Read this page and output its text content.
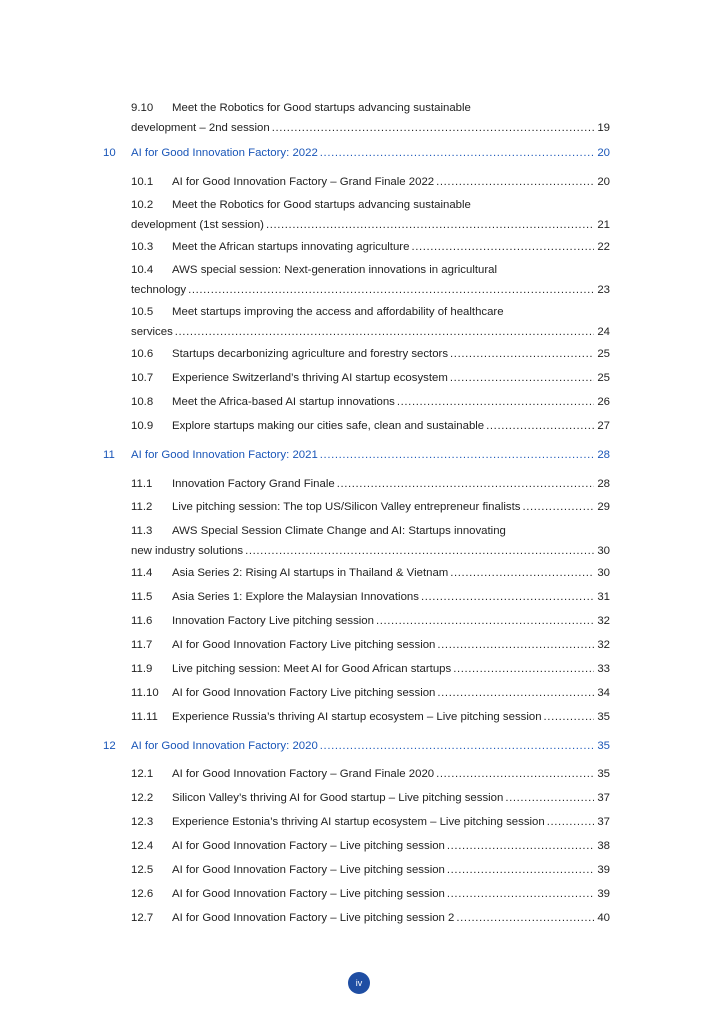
9.10	Meet the Robotics for Good startups advancing sustainable
development – 2nd session .....	19
10	AI for Good Innovation Factory: 2022 .....	20
10.1	AI for Good Innovation Factory – Grand Finale 2022 .....	20
10.2	Meet the Robotics for Good startups advancing sustainable
development (1st session) .....	21
10.3	Meet the African startups innovating agriculture .....	22
10.4	AWS special session: Next-generation innovations in agricultural
technology .....	23
10.5	Meet startups improving the access and affordability of healthcare
services .....	24
10.6	Startups decarbonizing agriculture and forestry sectors .....	25
10.7	Experience Switzerland’s thriving AI startup ecosystem .....	25
10.8	Meet the Africa-based AI startup innovations .....	26
10.9	Explore startups making our cities safe, clean and sustainable .....	27
11	AI for Good Innovation Factory: 2021 .....	28
11.1	Innovation Factory Grand Finale .....	28
11.2	Live pitching session: The top US/Silicon Valley entrepreneur finalists .....	29
11.3	AWS Special Session Climate Change and AI: Startups innovating
new industry solutions .....	30
11.4	Asia Series 2: Rising AI startups in Thailand & Vietnam .....	30
11.5	Asia Series 1: Explore the Malaysian Innovations .....	31
11.6	Innovation Factory Live pitching session .....	32
11.7	AI for Good Innovation Factory Live pitching session .....	32
11.9	Live pitching session: Meet AI for Good African startups .....	33
11.10	AI for Good Innovation Factory Live pitching session .....	34
11.11	Experience Russia’s thriving AI startup ecosystem – Live pitching session .....	35
12	AI for Good Innovation Factory: 2020 .....	35
12.1	AI for Good Innovation Factory – Grand Finale 2020 .....	35
12.2	Silicon Valley’s thriving AI for Good startup – Live pitching session .....	37
12.3	Experience Estonia’s thriving AI startup ecosystem – Live pitching session .....	37
12.4	AI for Good Innovation Factory – Live pitching session .....	38
12.5	AI for Good Innovation Factory – Live pitching session .....	39
12.6	AI for Good Innovation Factory – Live pitching session .....	39
12.7	AI for Good Innovation Factory – Live pitching session 2 .....	40
iv
